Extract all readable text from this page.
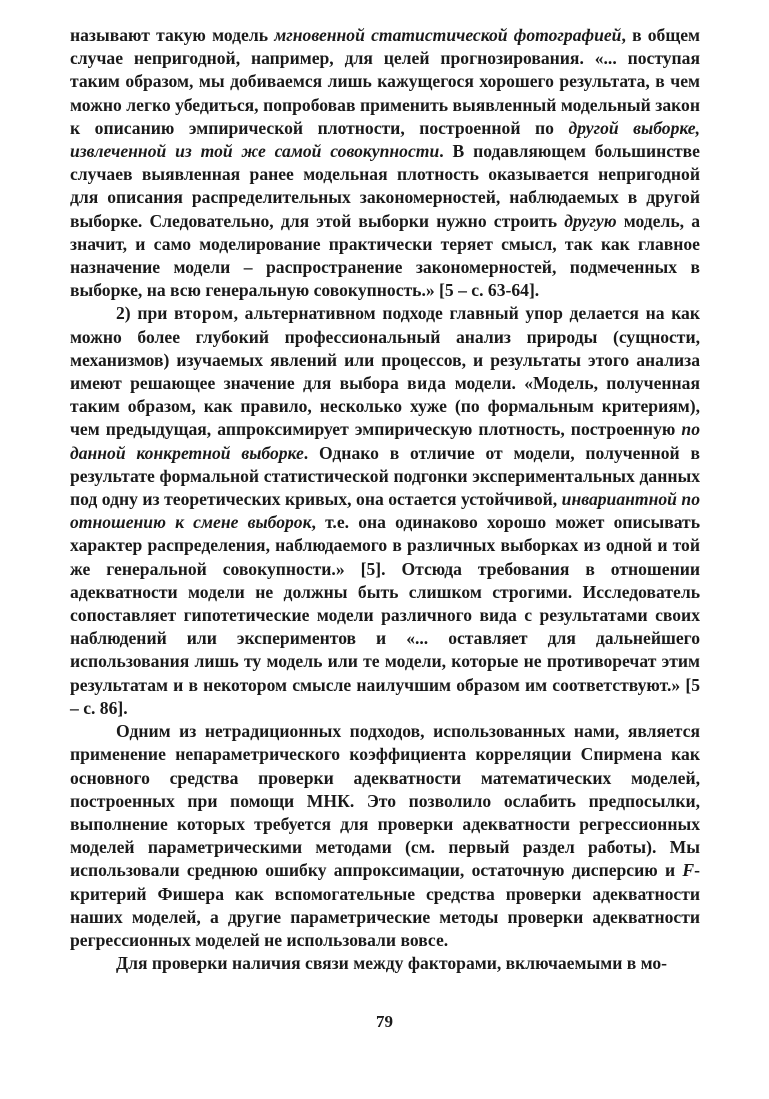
называют такую модель мгновенной статистической фотографией, в общем случае непригодной, например, для целей прогнозирования. «... поступая таким образом, мы добиваемся лишь кажущегося хорошего результата, в чем можно легко убедиться, попробовав применить выявленный модельный закон к описанию эмпирической плотности, построенной по другой выборке, извлеченной из той же самой совокупности. В подавляющем большинстве случаев выявленная ранее модельная плотность оказывается непригодной для описания распределительных закономерностей, наблюдаемых в другой выборке. Следовательно, для этой выборки нужно строить другую модель, а значит, и само моделирование практически теряет смысл, так как главное назначение модели – распространение закономерностей, подмеченных в выборке, на всю генеральную совокупность.» [5 – с. 63-64].

2) при втором, альтернативном подходе главный упор делается на как можно более глубокий профессиональный анализ природы (сущности, механизмов) изучаемых явлений или процессов, и результаты этого анализа имеют решающее значение для выбора вида модели. «Модель, полученная таким образом, как правило, несколько хуже (по формальным критериям), чем предыдущая, аппроксимирует эмпирическую плотность, построенную по данной конкретной выборке. Однако в отличие от модели, полученной в результате формальной статистической подгонки экспериментальных данных под одну из теоретических кривых, она остается устойчивой, инвариантной по отношению к смене выборок, т.е. она одинаково хорошо может описывать характер распределения, наблюдаемого в различных выборках из одной и той же генеральной совокупности.» [5]. Отсюда требования в отношении адекватности модели не должны быть слишком строгими. Исследователь сопоставляет гипотетические модели различного вида с результатами своих наблюдений или экспериментов и «... оставляет для дальнейшего использования лишь ту модель или те модели, которые не противоречат этим результатам и в некотором смысле наилучшим образом им соответствуют.» [5 – с. 86].

Одним из нетрадиционных подходов, использованных нами, является применение непараметрического коэффициента корреляции Спирмена как основного средства проверки адекватности математических моделей, построенных при помощи МНК. Это позволило ослабить предпосылки, выполнение которых требуется для проверки адекватности регрессионных моделей параметрическими методами (см. первый раздел работы). Мы использовали среднюю ошибку аппроксимации, остаточную дисперсию и F-критерий Фишера как вспомогательные средства проверки адекватности наших моделей, а другие параметрические методы проверки адекватности регрессионных моделей не использовали вовсе.

Для проверки наличия связи между факторами, включаемыми в мо-

79
